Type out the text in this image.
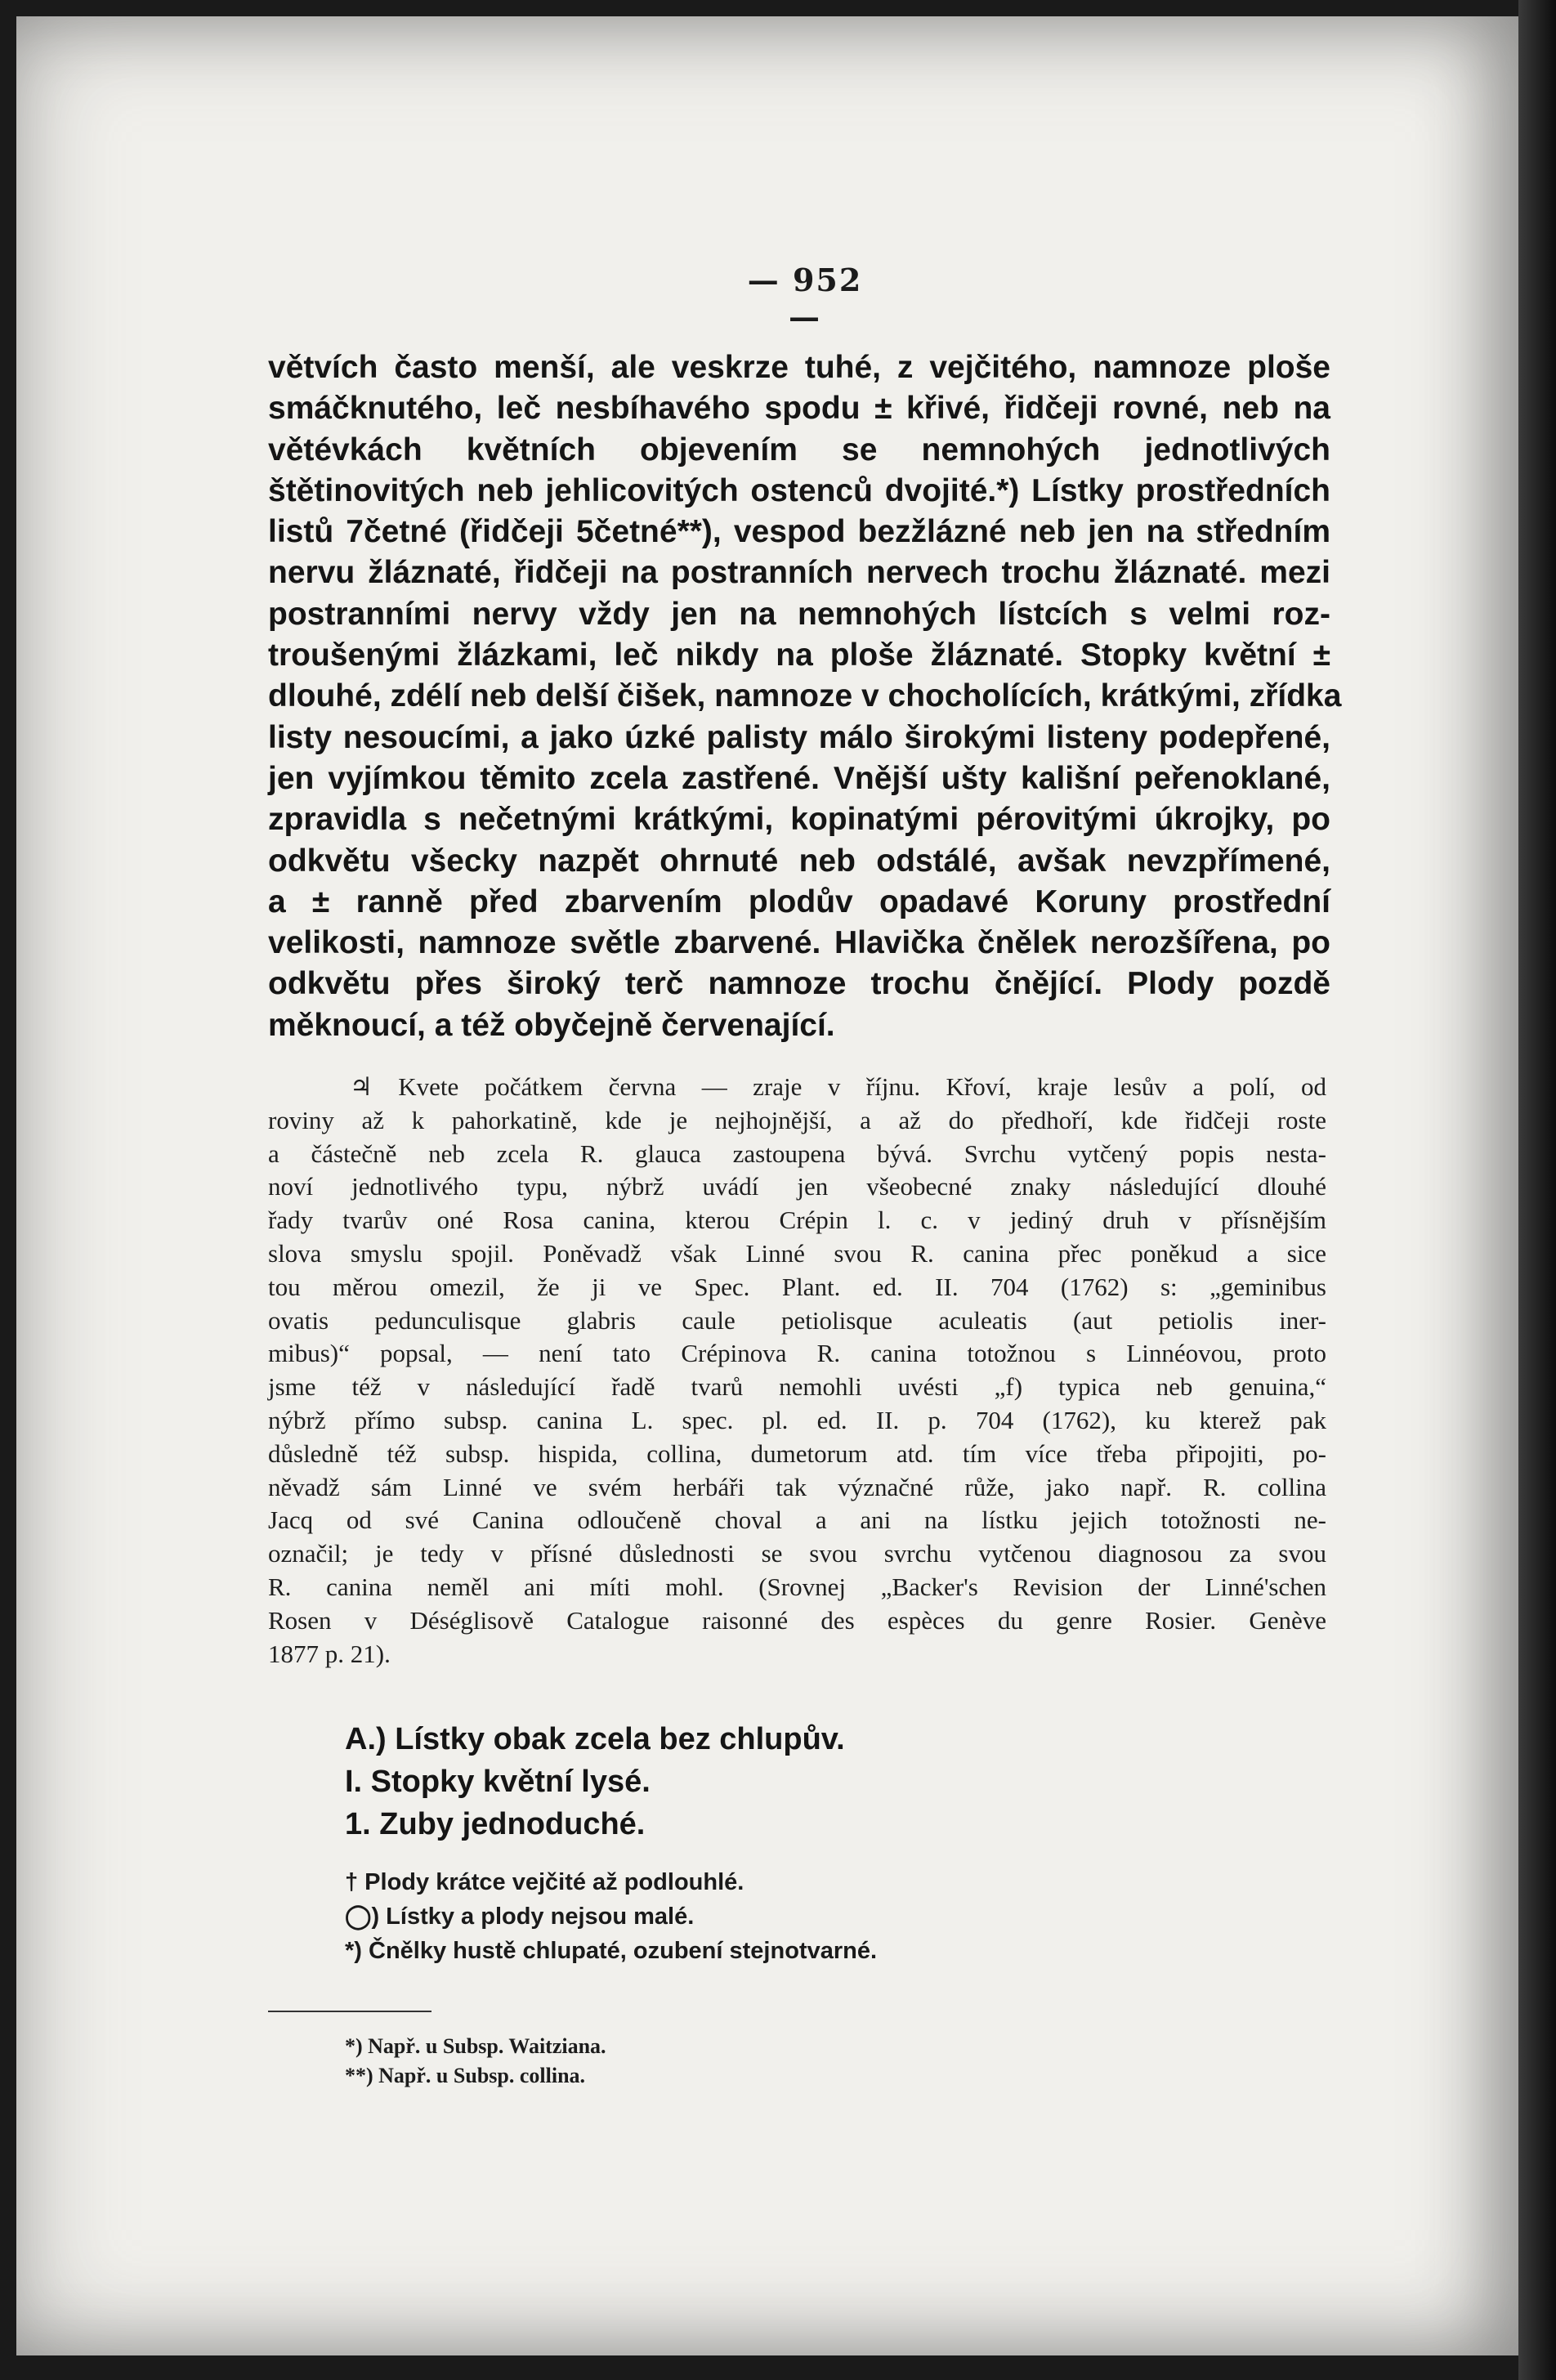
— 952 —
větvích často menší, ale veskrze tuhé, z vejčitého, namnoze ploše
smáčknutého, leč nesbíhavého spodu ± křivé, řidčeji rovné, neb na
větévkách květních objevením se nemnohých jednotlivých
štětinovitých neb jehlicovitých ostenců dvojité.*) Lístky prostředních
listů 7četné (řidčeji 5četné**), vespod bezžlázné neb jen na středním
nervu žláznaté, řidčeji na postranních nervech trochu žláznaté. mezi
postranními nervy vždy jen na nemnohých lístcích s velmi roz-
troušenými žlázkami, leč nikdy na ploše žláznaté. Stopky květní ±
dlouhé, zdélí neb delší čišek, namnoze v chocholících, krátkými, zřídka
listy nesoucími, a jako úzké palisty málo širokými listeny podepřené,
jen vyjímkou těmito zcela zastřené. Vnější ušty kališní peřenoklané,
zpravidla s nečetnými krátkými, kopinatými pérovitými úkrojky, po
odkvětu všecky nazpět ohrnuté neb odstálé, avšak nevzpřímené,
a ± ranně před zbarvením plodův opadavé Koruny prostřední
velikosti, namnoze světle zbarvené. Hlavička čnělek nerozšířena, po
odkvětu přes široký terč namnoze trochu čnějící. Plody pozdě
měknoucí, a též obyčejně červenající.
♃ Kvete počátkem června — zraje v říjnu. Křoví, kraje lesův a polí, od
roviny až k pahorkatině, kde je nejhojnější, a až do předhoří, kde řidčeji roste
a částečně neb zcela R. glauca zastoupena bývá. Svrchu vytčený popis nesta-
noví jednotlivého typu, nýbrž uvádí jen všeobecné znaky následující dlouhé
řady tvarův oné Rosa canina, kterou Crépin l. c. v jediný druh v přísnějším
slova smyslu spojil. Poněvadž však Linné svou R. canina přec poněkud a sice
tou měrou omezil, že ji ve Spec. Plant. ed. II. 704 (1762) s: „geminibus
ovatis pedunculisque glabris caule petiolisque aculeatis (aut petiolis iner-
mibus)“ popsal, — není tato Crépinova R. canina totožnou s Linnéovou, proto
jsme též v následující řadě tvarů nemohli uvésti „f) typica neb genuina,“
nýbrž přímo subsp. canina L. spec. pl. ed. II. p. 704 (1762), ku kterež pak
důsledně též subsp. hispida, collina, dumetorum atd. tím více třeba připojiti, po-
něvadž sám Linné ve svém herbáři tak význačné růže, jako např. R. collina
Jacq od své Canina odloučeně choval a ani na lístku jejich totožnosti ne-
označil; je tedy v přísné důslednosti se svou svrchu vytčenou diagnosou za svou
R. canina neměl ani míti mohl. (Srovnej „Backer's Revision der Linné'schen
Rosen v Déséglisově Catalogue raisonné des espèces du genre Rosier. Genève
1877 p. 21).
A.) Lístky obak zcela bez chlupův.
I. Stopky květní lysé.
1. Zuby jednoduché.
† Plody krátce vejčité až podlouhlé.
◯) Lístky a plody nejsou malé.
*) Čnělky hustě chlupaté, ozubení stejnotvarné.
*) Např. u Subsp. Waitziana.
**) Např. u Subsp. collina.
